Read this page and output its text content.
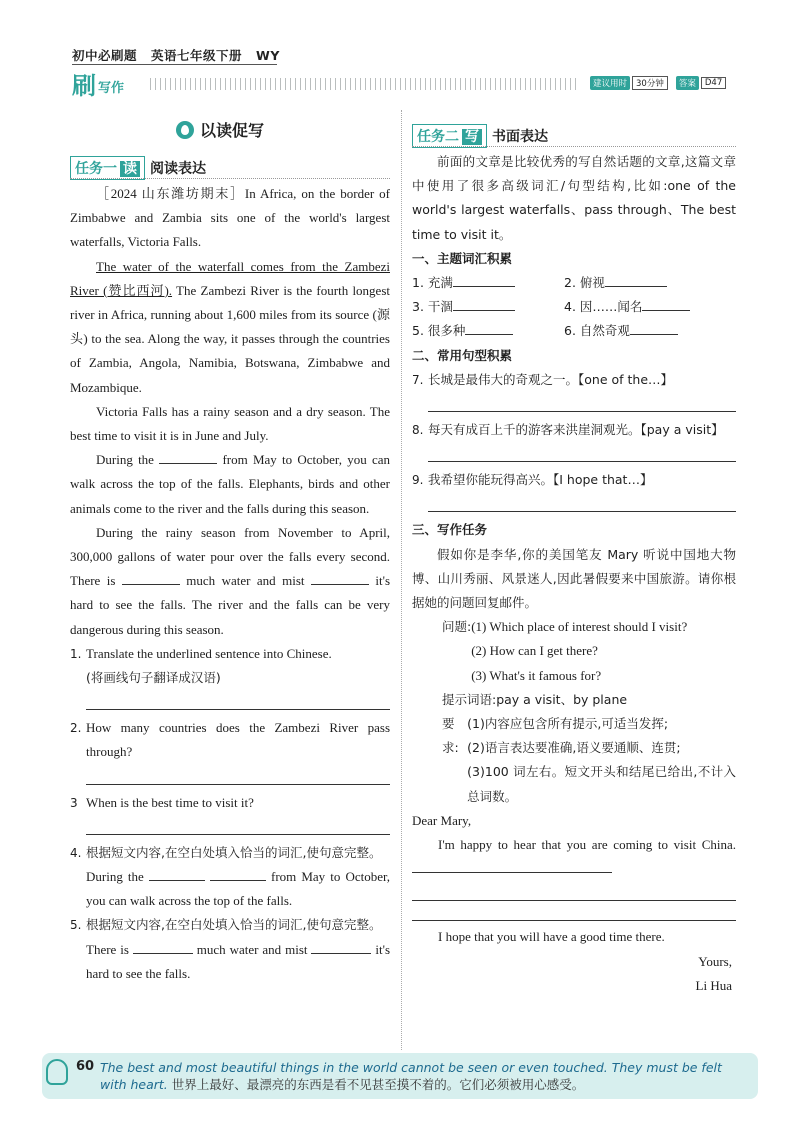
初中必刷题 英语七年级下册 WY
刷 写作	建议用时	30分钟	答案	D47
以读促写
任务一 读 阅读表达

［2024 山东潍坊期末］In Africa, on the border of Zimbabwe and Zambia sits one of the world's largest waterfalls, Victoria Falls.

The water of the waterfall comes from the Zambezi River (赞比西河). The Zambezi River is the fourth longest river in Africa, running about 1,600 miles from its source (源头) to the sea. Along the way, it passes through the countries of Zambia, Angola, Namibia, Botswana, Zimbabwe and Mozambique.

Victoria Falls has a rainy season and a dry season. The best time to visit it is in June and July.

During the	from May to October, you can walk across the top of the falls. Elephants, birds and other animals come to the river and the falls during this season.

During the rainy season from November to April, 300,000 gallons of water pour over the falls every second. There is	much water and mist	it's hard to see the falls. The river and the falls can be very dangerous during this season.

1. Translate the underlined sentence into Chinese.
(将画线句子翻译成汉语)
2. How many countries does the Zambezi River pass through?
3 When is the best time to visit it?
4. 根据短文内容,在空白处填入恰当的词汇,使句意完整。
During the	from May to October, you can walk across the top of the falls.
5. 根据短文内容,在空白处填入恰当的词汇,使句意完整。
There is	much water and mist	it's hard to see the falls.
任务二 写 书面表达

前面的文章是比较优秀的写自然话题的文章,这篇文章中使用了很多高级词汇/句型结构,比如:one of the world's largest waterfalls、pass through、The best time to visit it。

一、主题词汇积累
1. 充满	2. 俯视
3. 干涸	4. 因……闻名
5. 很多种	6. 自然奇观
二、常用句型积累
7. 长城是最伟大的奇观之一。【one of the…】
8. 每天有成百上千的游客来洪崖洞观光。【pay a visit】
9. 我希望你能玩得高兴。【I hope that…】
三、写作任务

假如你是李华,你的美国笔友 Mary 听说中国地大物博、山川秀丽、风景迷人,因此暑假要来中国旅游。请你根据她的问题回复邮件。

问题: (1) Which place of interest should I visit?
(2) How can I get there?
(3) What's it famous for?
提示词语:pay a visit、by plane
要求:
(1)内容应包含所有提示,可适当发挥;
(2)语言表达要准确,语义要通顺、连贯;
(3)100 词左右。短文开头和结尾已给出,不计入总词数。
Dear Mary,
I'm happy to hear that you are coming to visit China.
I hope that you will have a good time there.
Yours,
Li Hua
60 The best and most beautiful things in the world cannot be seen or even touched. They must be felt with heart. 世界上最好、最漂亮的东西是看不见甚至摸不着的。它们必须被用心感受。
